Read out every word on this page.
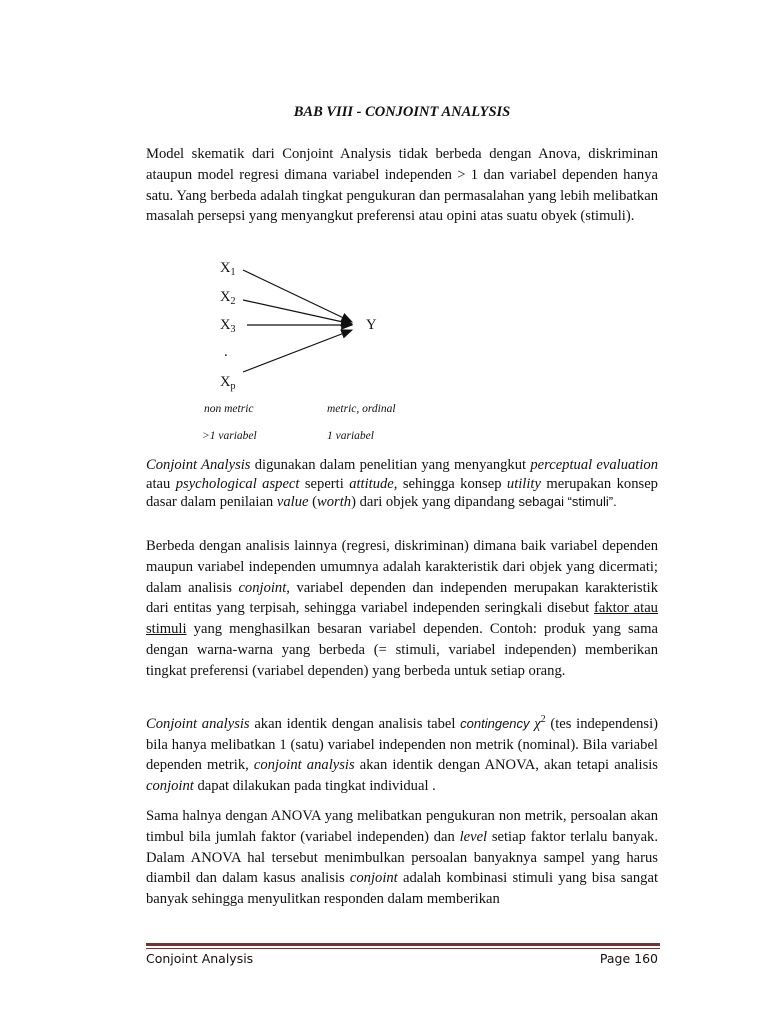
BAB VIII - CONJOINT ANALYSIS
Model skematik dari Conjoint Analysis tidak berbeda dengan Anova, diskriminan ataupun model regresi dimana variabel independen > 1 dan variabel dependen hanya satu. Yang berbeda adalah tingkat pengukuran dan permasalahan yang lebih melibatkan masalah persepsi yang menyangkut preferensi atau opini atas suatu obyek (stimuli).
$X_1$
$X_2$
$X_3$
.
$X_p$
Y
non metric	metric, ordinal
>1 variabel	1 variabel
Conjoint Analysis digunakan dalam penelitian yang menyangkut perceptual evaluation atau psychological aspect seperti attitude, sehingga konsep utility merupakan konsep dasar dalam penilaian value (worth) dari objek yang dipandang sebagai “stimuli”.
Berbeda dengan analisis lainnya (regresi, diskriminan) dimana baik variabel dependen maupun variabel independen umumnya adalah karakteristik dari objek yang dicermati; dalam analisis conjoint, variabel dependen dan independen merupakan karakteristik dari entitas yang terpisah, sehingga variabel independen seringkali disebut faktor atau stimuli yang menghasilkan besaran variabel dependen. Contoh: produk yang sama dengan warna-warna yang berbeda (= stimuli, variabel independen) memberikan tingkat preferensi (variabel dependen) yang berbeda untuk setiap orang.
Conjoint analysis akan identik dengan analisis tabel contingency $\chi^2$ (tes independensi) bila hanya melibatkan 1 (satu) variabel independen non metrik (nominal). Bila variabel dependen metrik, conjoint analysis akan identik dengan ANOVA, akan tetapi analisis conjoint dapat dilakukan pada tingkat individual .
Sama halnya dengan ANOVA yang melibatkan pengukuran non metrik, persoalan akan timbul bila jumlah faktor (variabel independen) dan level setiap faktor terlalu banyak. Dalam ANOVA hal tersebut menimbulkan persoalan banyaknya sampel yang harus diambil dan dalam kasus analisis conjoint adalah kombinasi stimuli yang bisa sangat banyak sehingga menyulitkan responden dalam memberikan
Conjoint Analysis	Page 160
